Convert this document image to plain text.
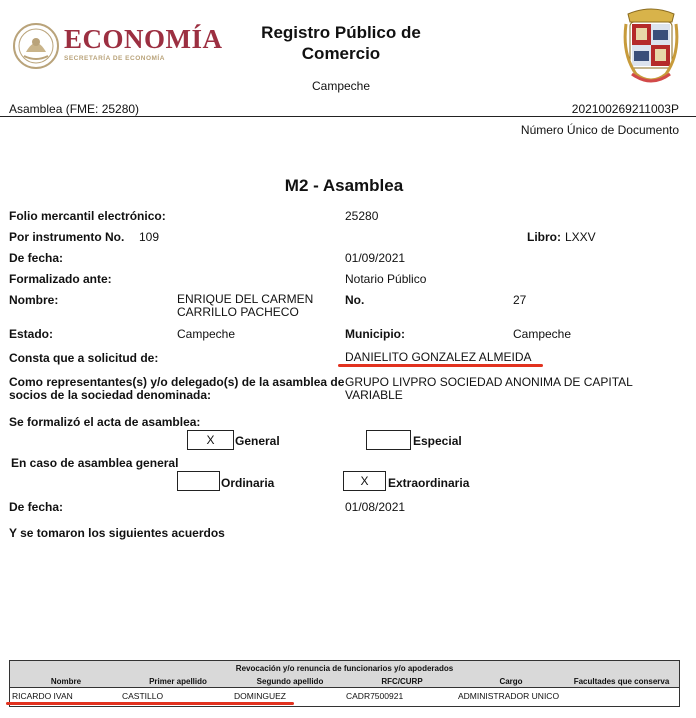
ECONOMÍA
SECRETARÍA DE ECONOMÍA
Registro Público de
Comercio
Campeche
Asamblea (FME: 25280)	202100269211003P
Número Único de Documento
M2 - Asamblea
Folio mercantil electrónico:	25280
Por instrumento No. 109	Libro: LXXV
De fecha:	01/09/2021
Formalizado ante:	Notario Público
Nombre:	ENRIQUE DEL CARMEN
CARRILLO PACHECO
No.	27
Estado:	Campeche	Municipio:	Campeche
Consta que a solicitud de:	DANIELITO GONZALEZ ALMEIDA
Como representantes(s) y/o delegado(s) de la asamblea de
socios de la sociedad denominada:
GRUPO LIVPRO SOCIEDAD ANONIMA DE CAPITAL
VARIABLE
Se formalizó el acta de asamblea:
X	General	Especial
En caso de asamblea general
Ordinaria	X	Extraordinaria
De fecha:	01/08/2021
Y se tomaron los siguientes acuerdos
Revocación y/o renuncia de funcionarios y/o apoderados
Nombre	Primer apellido	Segundo apellido	RFC/CURP	Cargo	Facultades que conserva
RICARDO IVAN	CASTILLO	DOMINGUEZ	CADR7500921	ADMINISTRADOR UNICO
